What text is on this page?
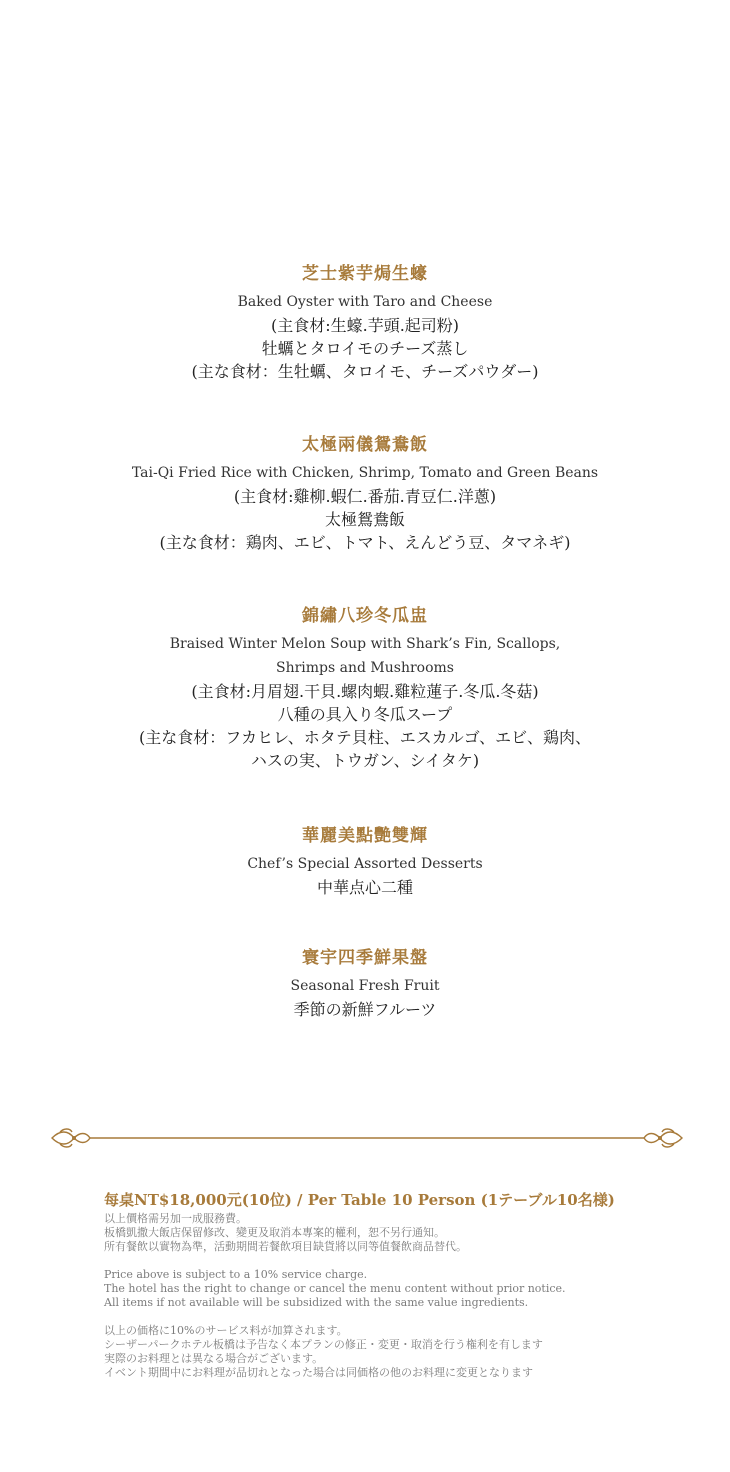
芝士紫芋焗生蠔
Baked Oyster with Taro and Cheese
(主食材:生蠔.芋頭.起司粉)
牡蠣とタロイモのチーズ蒸し
(主な食材：生牡蠣、タロイモ、チーズパウダー)
太極兩儀鴛鴦飯
Tai-Qi Fried Rice with Chicken, Shrimp, Tomato and Green Beans
(主食材:雞柳.蝦仁.番茄.青豆仁.洋蔥)
太極鴛鴦飯
(主な食材：鶏肉、エビ、トマト、えんどう豆、タマネギ)
錦繡八珍冬瓜盅
Braised Winter Melon Soup with Shark’s Fin, Scallops,
Shrimps and Mushrooms
(主食材:月眉翅.干貝.螺肉蝦.雞粒蓮子.冬瓜.冬菇)
八種の具入り冬瓜スープ
(主な食材：フカヒレ、ホタテ貝柱、エスカルゴ、エビ、鶏肉、
ハスの実、トウガン、シイタケ)
華麗美點艷雙輝
Chef’s Special Assorted Desserts
中華点心二種
寰宇四季鮮果盤
Seasonal Fresh Fruit
季節の新鮮フルーツ
每桌NT$18,000元(10位) / Per Table 10 Person (1テーブル10名様)
以上價格需另加一成服務費。
板橋凱撒大飯店保留修改、變更及取消本專案的權利，恕不另行通知。
所有餐飲以實物為準，活動期間若餐飲項目缺貨將以同等值餐飲商品替代。
Price above is subject to a 10% service charge.
The hotel has the right to change or cancel the menu content without prior notice.
All items if not available will be subsidized with the same value ingredients.
以上の価格に10%のサービス料が加算されます。
シーザーパークホテル板橋は予告なく本プランの修正・変更・取消を行う権利を有します
実際のお料理とは異なる場合がございます。
イベント期間中にお料理が品切れとなった場合は同価格の他のお料理に変更となります
